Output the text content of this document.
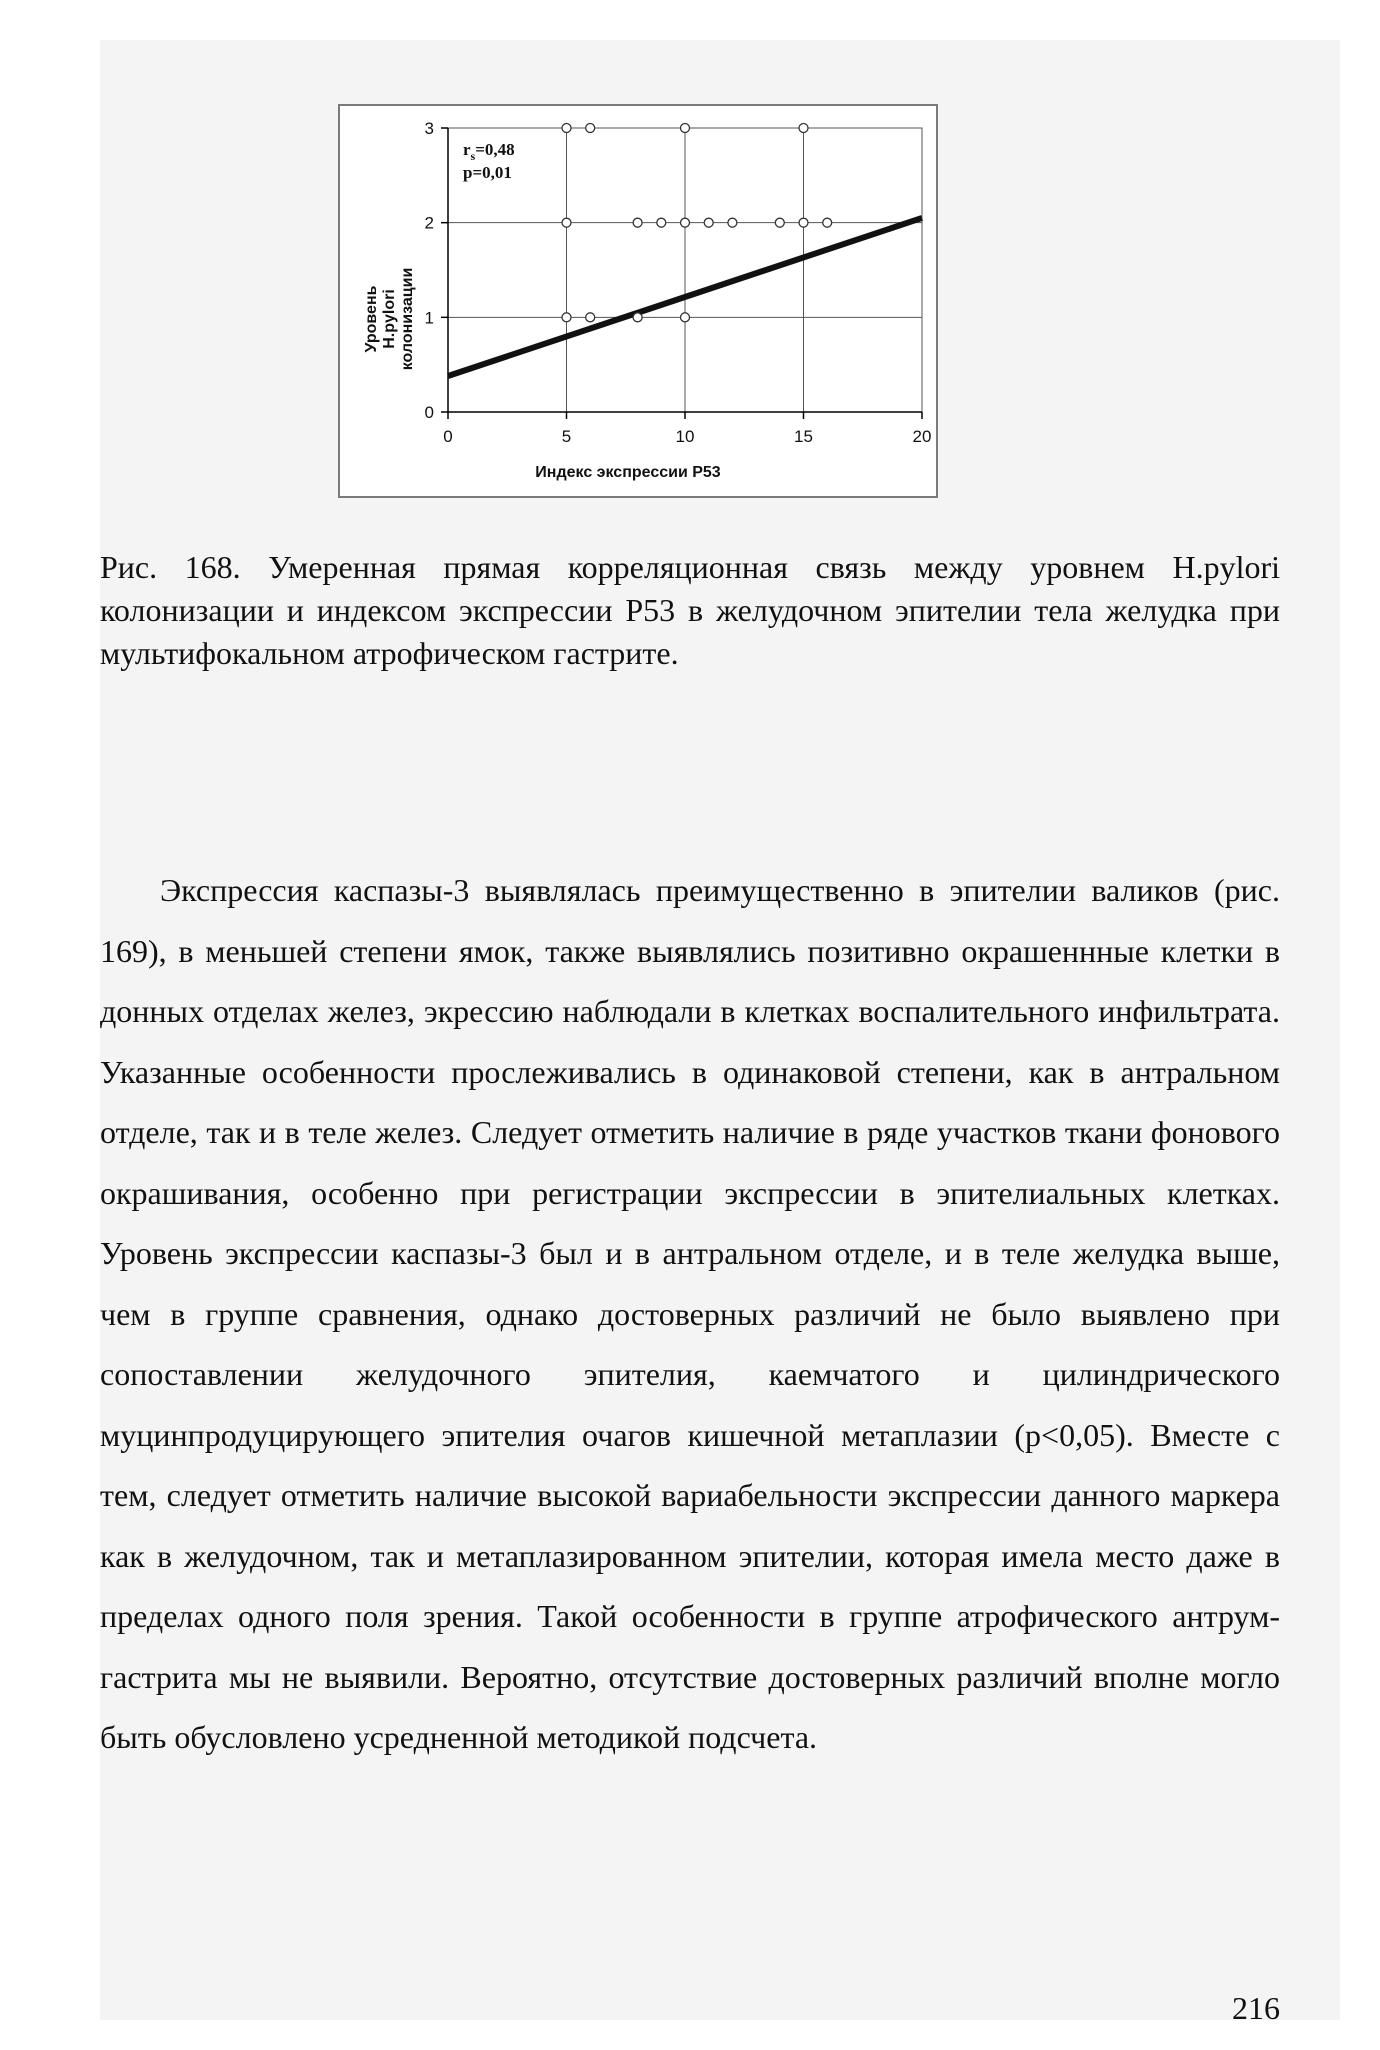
0
1
2
3
0	5	10	15	20
Индекс экспрессии Р53
Уровень H.pylori колонизации
$r_s=0,48$
р=0,01
Рис. 168. Умеренная прямая корреляционная связь между уровнем H.pylori колонизации и индексом экспрессии Р53 в желудочном эпителии тела желудка при мультифокальном атрофическом гастрите.
Экспрессия каспазы-3 выявлялась преимущественно в эпителии валиков (рис. 169), в меньшей степени ямок, также выявлялись позитивно окрашеннные клетки в донных отделах желез, экресcию наблюдали в клетках воспалительного инфильтрата. Указанные особенности прослеживались в одинаковой степени, как в антральном отделе, так и в теле желез. Следует отметить наличие в ряде участков ткани фонового окрашивания, особенно при регистрации экспрессии в эпителиальных клетках. Уровень экспрессии каспазы-3 был и в антральном отделе, и в теле желудка выше, чем в группе сравнения, однако достоверных различий не было выявлено при сопоставлении желудочного эпителия, каемчатого и цилиндрического муцинпродуцирующего эпителия очагов кишечной метаплазии (р<0,05). Вместе с тем, следует отметить наличие высокой вариабельности экспрессии данного маркера как в желудочном, так и метаплазированном эпителии, которая имела место даже в пределах одного поля зрения. Такой особенности в группе атрофического антрум-гастрита мы не выявили. Вероятно, отсутствие достоверных различий вполне могло быть обусловлено усредненной методикой подсчета.
216
